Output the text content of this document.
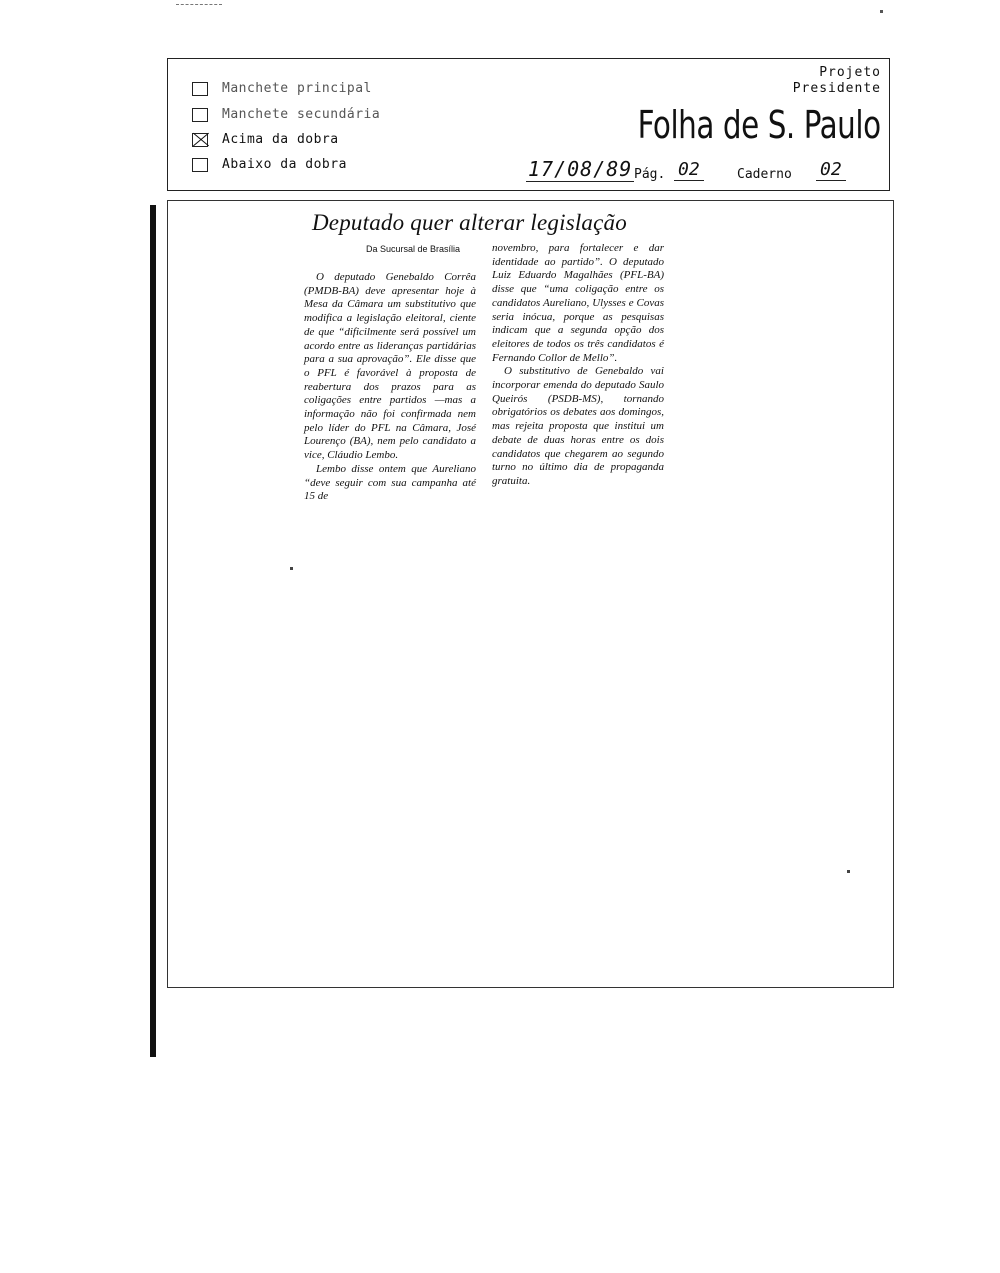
Manchete principal
Manchete secundária
Acima da dobra
Abaixo da dobra
Projeto
Presidente
Folha de S. Paulo
17/08/89 Pág. 02	Caderno 02
Deputado quer alterar legislação
Da Sucursal de Brasília

O deputado Genebaldo Corrêa (PMDB-BA) deve apresentar hoje à Mesa da Câmara um substitutivo que modifica a legislação eleitoral, ciente de que “dificilmente será possível um acordo entre as lideranças partidárias para a sua aprovação”. Ele disse que o PFL é favorável à proposta de reabertura dos prazos para as coligações entre partidos —mas a informação não foi confirmada nem pelo líder do PFL na Câmara, José Lourenço (BA), nem pelo candidato a vice, Cláudio Lembo.

Lembo disse ontem que Aureliano “deve seguir com sua campanha até 15 de

novembro, para fortalecer e dar identidade ao partido”. O deputado Luiz Eduardo Magalhães (PFL-BA) disse que “uma coligação entre os candidatos Aureliano, Ulysses e Covas seria inócua, porque as pesquisas indicam que a segunda opção dos eleitores de todos os três candidatos é Fernando Collor de Mello”.

O substitutivo de Genebaldo vai incorporar emenda do deputado Saulo Queirós (PSDB-MS), tornando obrigatórios os debates aos domingos, mas rejeita proposta que institui um debate de duas horas entre os dois candidatos que chegarem ao segundo turno no último dia de propaganda gratuita.
